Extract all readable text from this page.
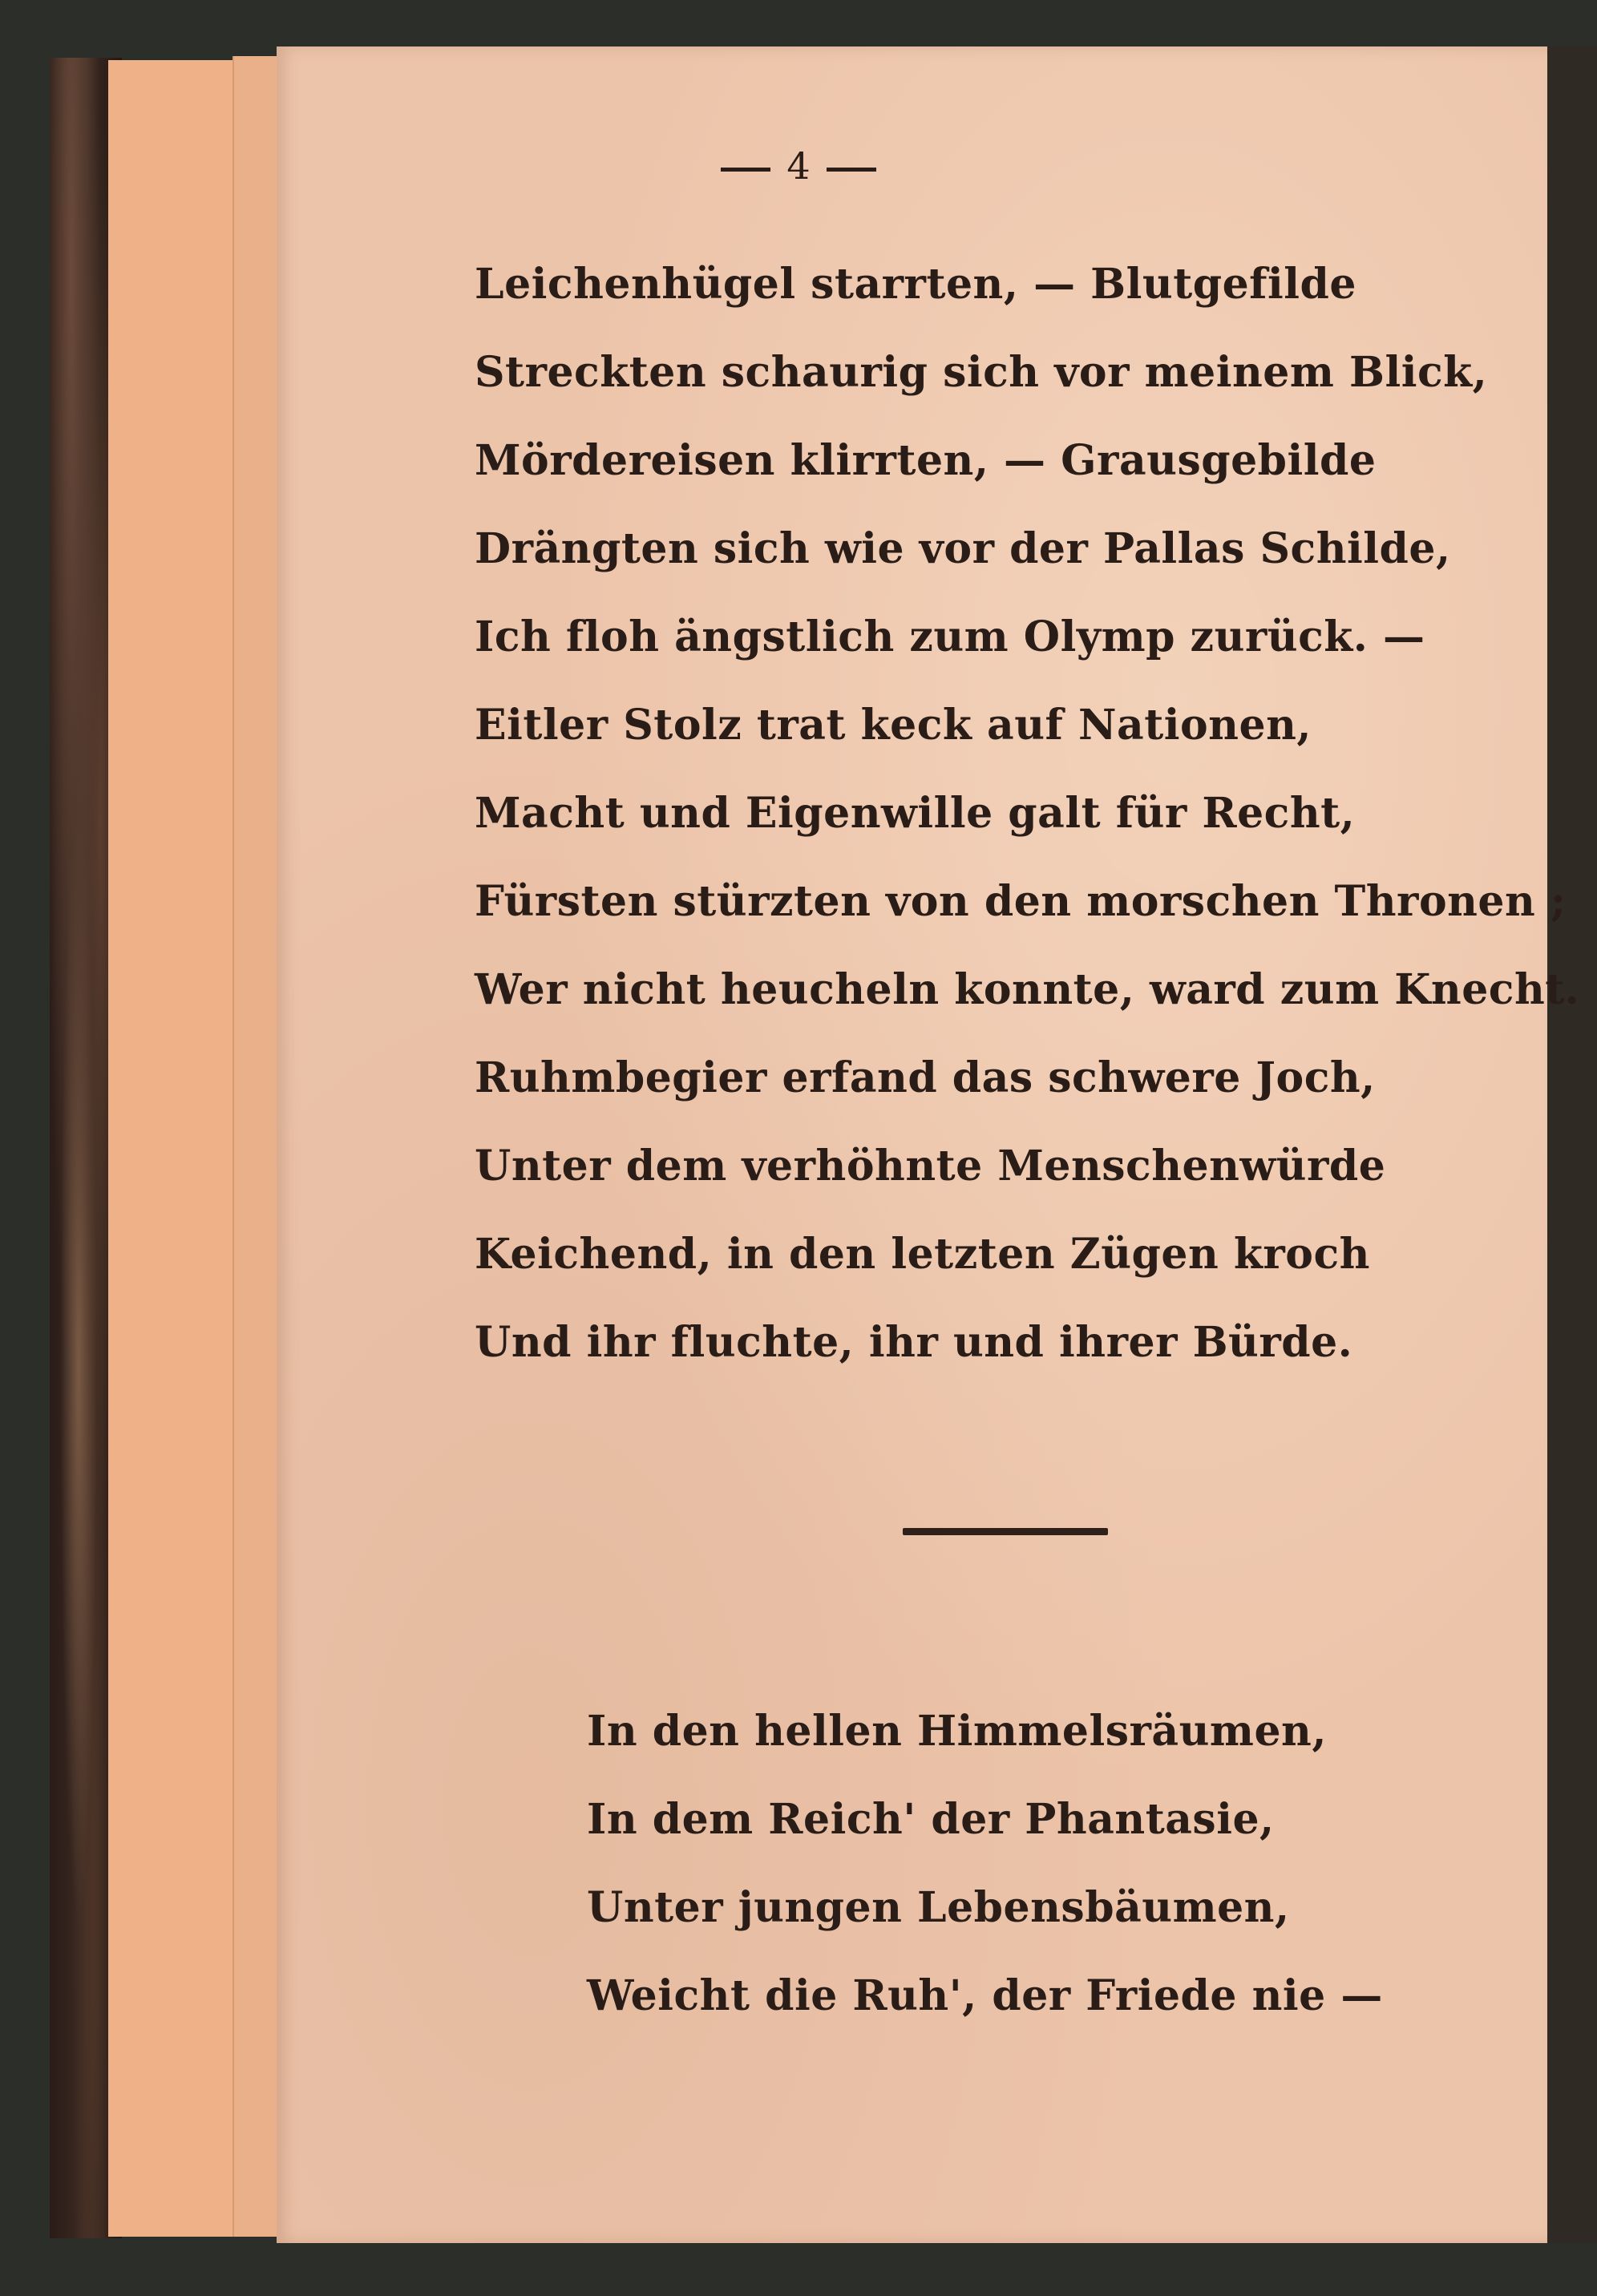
4
Leichenhügel starrten, — Blutgefilde
Streckten schaurig sich vor meinem Blick,
Mördereisen klirrten, — Grausgebilde
Drängten sich wie vor der Pallas Schilde,
Ich floh ängstlich zum Olymp zurück. —
Eitler Stolz trat keck auf Nationen,
Macht und Eigenwille galt für Recht,
Fürsten stürzten von den morschen Thronen ;
Wer nicht heucheln konnte, ward zum Knecht.
Ruhmbegier erfand das schwere Joch,
Unter dem verhöhnte Menschenwürde
Keichend, in den letzten Zügen kroch
Und ihr fluchte, ihr und ihrer Bürde.
In den hellen Himmelsräumen,
In dem Reich' der Phantasie,
Unter jungen Lebensbäumen,
Weicht die Ruh', der Friede nie —
